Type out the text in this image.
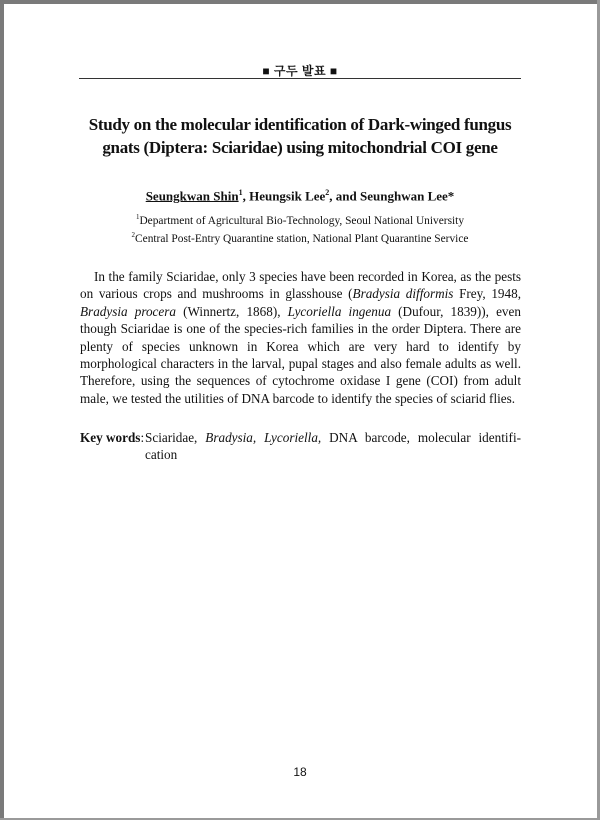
■ 구두 발표 ■
Study on the molecular identification of Dark-winged fungus
gnats (Diptera: Sciaridae) using mitochondrial COI gene
Seungkwan Shin$^1$, Heungsik Lee$^2$, and Seunghwan Lee*
$^1$Department of Agricultural Bio-Technology, Seoul National University
$^2$Central Post-Entry Quarantine station, National Plant Quarantine Service

In the family Sciaridae, only 3 species have been recorded in Korea, as the pests on various crops and mushrooms in glasshouse (Bradysia difformis Frey, 1948, Bradysia procera (Winnertz, 1868), Lycoriella ingenua (Dufour, 1839)), even though Sciaridae is one of the species-rich families in the order Diptera. There are plenty of species unknown in Korea which are very hard to identify by morphological characters in the larval, pupal stages and also female adults as well. Therefore, using the sequences of cytochrome oxidase I gene (COI) from adult male, we tested the utilities of DNA barcode to identify the species of sciarid flies.

Key words: Sciaridae, Bradysia, Lycoriella, DNA barcode, molecular identifi-cation
18
